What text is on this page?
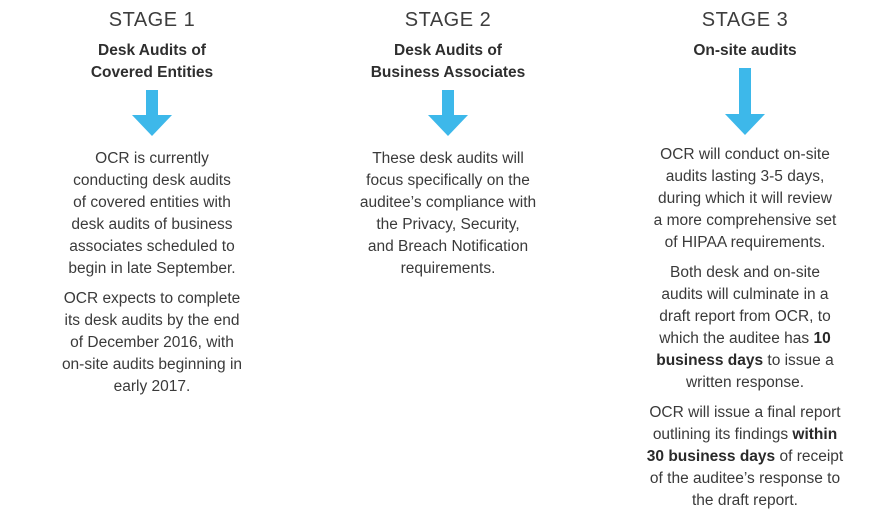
STAGE 1
Desk Audits of
Covered Entities
OCR is currently
conducting desk audits
of covered entities with
desk audits of business
associates scheduled to
begin in late September.
OCR expects to complete
its desk audits by the end
of December 2016, with
on-site audits beginning in
early 2017.
STAGE 2
Desk Audits of
Business Associates
These desk audits will
focus specifically on the
auditee’s compliance with
the Privacy, Security,
and Breach Notification
requirements.
STAGE 3
On-site audits
OCR will conduct on-site
audits lasting 3-5 days,
during which it will review
a more comprehensive set
of HIPAA requirements.
Both desk and on-site
audits will culminate in a
draft report from OCR, to
which the auditee has 10
business days to issue a
written response.
OCR will issue a final report
outlining its findings within
30 business days of receipt
of the auditee’s response to
the draft report.
